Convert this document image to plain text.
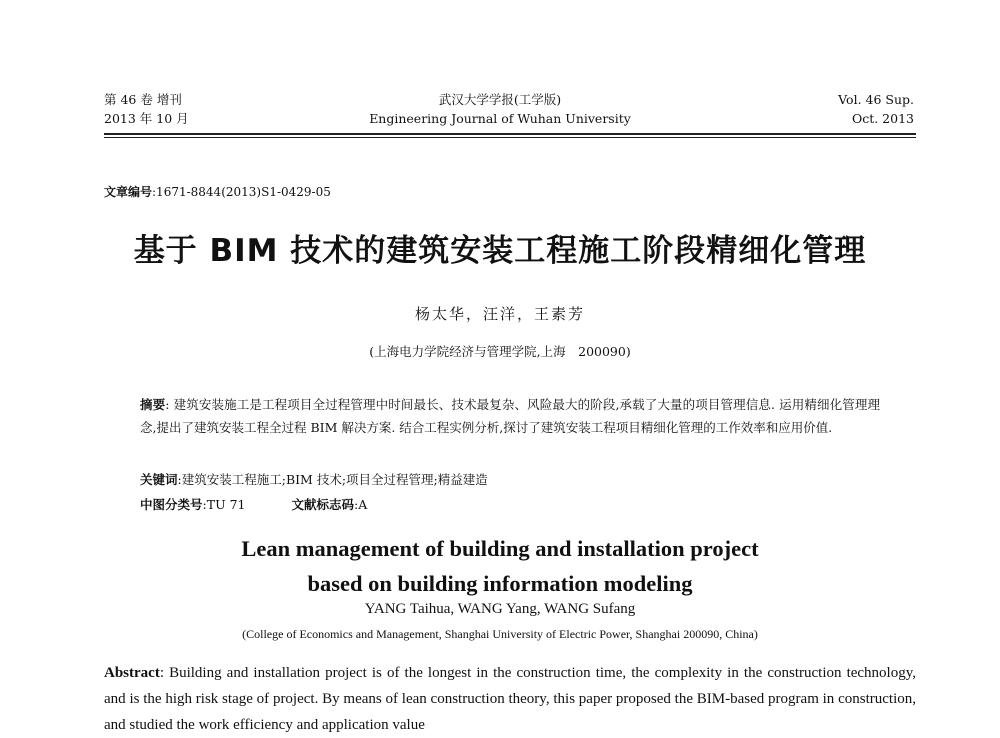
第 46 卷 增刊
2013 年 10 月
武汉大学学报(工学版)
Engineering Journal of Wuhan University
Vol. 46 Sup.
Oct. 2013
文章编号:1671-8844(2013)S1-0429-05
基于 BIM 技术的建筑安装工程施工阶段精细化管理
杨太华，汪洋，王素芳
(上海电力学院经济与管理学院,上海　200090)
摘要: 建筑安装施工是工程项目全过程管理中时间最长、技术最复杂、风险最大的阶段,承载了大量的项目管理信息. 运用精细化管理理念,提出了建筑安装工程全过程 BIM 解决方案. 结合工程实例分析,探讨了建筑安装工程项目精细化管理的工作效率和应用价值.
关键词:建筑安装工程施工;BIM 技术;项目全过程管理;精益建造
中图分类号:TU 71	文献标志码:A
Lean management of building and installation project
based on building information modeling
YANG Taihua, WANG Yang, WANG Sufang
(College of Economics and Management, Shanghai University of Electric Power, Shanghai 200090, China)
Abstract: Building and installation project is of the longest in the construction time, the complexity in the construction technology, and is the high risk stage of project. By means of lean construction theory, this paper proposed the BIM-based program in construction, and studied the work efficiency and application value
